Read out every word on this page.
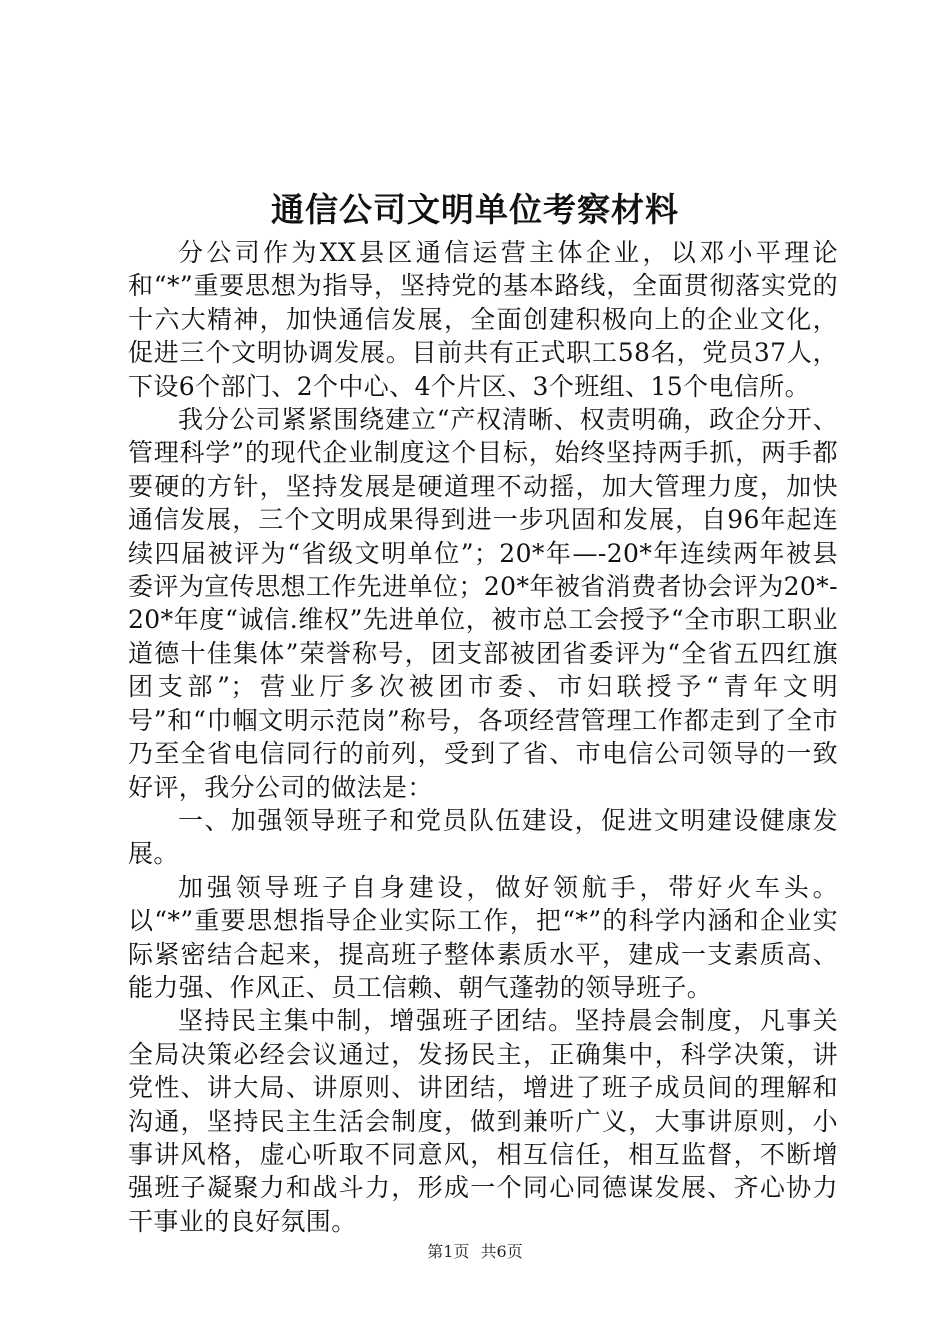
通信公司文明单位考察材料

分公司作为XX县区通信运营主体企业，以邓小平理论和“*”重要思想为指导，坚持党的基本路线，全面贯彻落实党的十六大精神，加快通信发展，全面创建积极向上的企业文化，促进三个文明协调发展。目前共有正式职工58名，党员37人，下设6个部门、2个中心、4个片区、3个班组、15个电信所。

我分公司紧紧围绕建立“产权清晰、权责明确，政企分开、管理科学”的现代企业制度这个目标，始终坚持两手抓，两手都要硬的方针，坚持发展是硬道理不动摇，加大管理力度，加快通信发展，三个文明成果得到进一步巩固和发展，自96年起连续四届被评为“省级文明单位”；20*年—-20*年连续两年被县委评为宣传思想工作先进单位；20*年被省消费者协会评为20*-20*年度“诚信.维权”先进单位，被市总工会授予“全市职工职业道德十佳集体”荣誉称号，团支部被团省委评为“全省五四红旗团支部”；营业厅多次被团市委、市妇联授予“青年文明号”和“巾帼文明示范岗”称号，各项经营管理工作都走到了全市乃至全省电信同行的前列，受到了省、市电信公司领导的一致好评，我分公司的做法是：

一、加强领导班子和党员队伍建设，促进文明建设健康发展。

加强领导班子自身建设，做好领航手，带好火车头。以“*”重要思想指导企业实际工作，把“*”的科学内涵和企业实际紧密结合起来，提高班子整体素质水平，建成一支素质高、能力强、作风正、员工信赖、朝气蓬勃的领导班子。

坚持民主集中制，增强班子团结。坚持晨会制度，凡事关全局决策必经会议通过，发扬民主，正确集中，科学决策，讲党性、讲大局、讲原则、讲团结，增进了班子成员间的理解和沟通，坚持民主生活会制度，做到兼听广义，大事讲原则，小事讲风格，虚心听取不同意风，相互信任，相互监督，不断增强班子凝聚力和战斗力，形成一个同心同德谋发展、齐心协力干事业的良好氛围。

第1页 共6页
